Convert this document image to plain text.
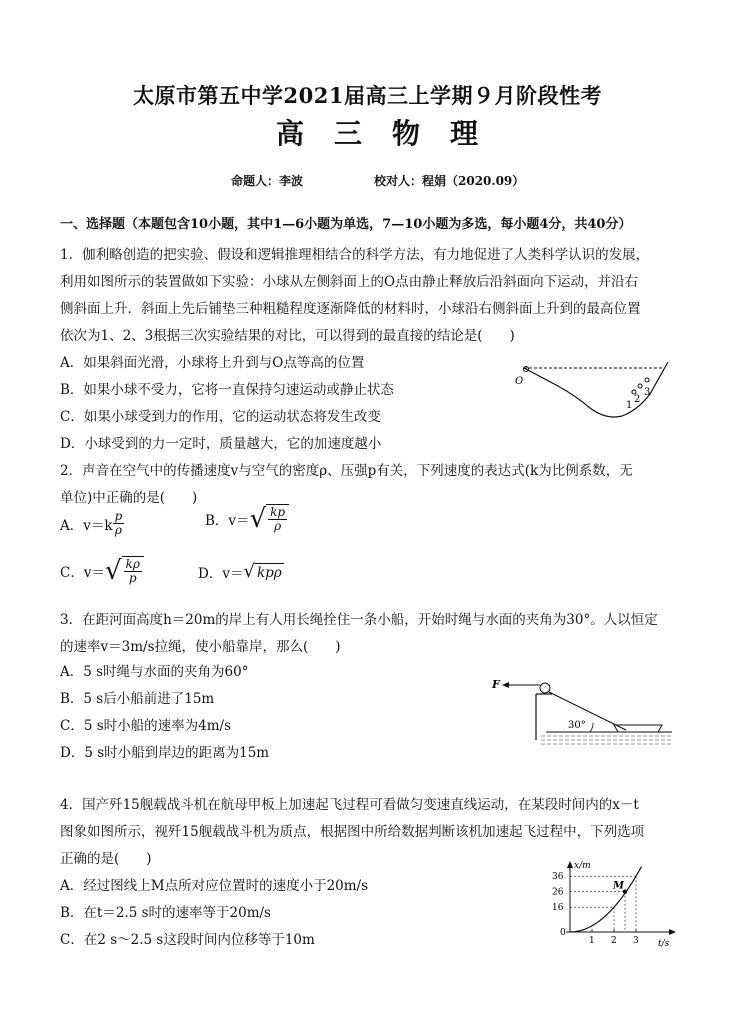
太原市第五中学2021届高三上学期９月阶段性考
高三物理
命题人：李波	校对人：程娟（2020.09）
一、选择题（本题包含10小题，其中1—6小题为单选，7—10小题为多选，每小题4分，共40分）
1．伽利略创造的把实验、假设和逻辑推理相结合的科学方法，有力地促进了人类科学认识的发展，
利用如图所示的装置做如下实验：小球从左侧斜面上的O点由静止释放后沿斜面向下运动，并沿右
侧斜面上升．斜面上先后铺垫三种粗糙程度逐渐降低的材料时，小球沿右侧斜面上升到的最高位置
依次为1、2、3根据三次实验结果的对比，可以得到的最直接的结论是(　　)
A．如果斜面光滑，小球将上升到与O点等高的位置
B．如果小球不受力，它将一直保持匀速运动或静止状态
C．如果小球受到力的作用，它的运动状态将发生改变
D．小球受到的力一定时，质量越大，它的加速度越小
O
1
2
3
2．声音在空气中的传播速度v与空气的密度ρ、压强p有关，下列速度的表达式(k为比例系数，无
单位)中正确的是(　　)
A．$v=k \frac{p}{\rho}$	B．v＝ √ $\frac{kp}{\rho}$
C．v＝ √ $\frac{k\rho}{p}$	D．v＝ √ kpρ
3．在距河面高度h＝20m的岸上有人用长绳拴住一条小船，开始时绳与水面的夹角为30°。人以恒定
的速率v＝3m/s拉绳，使小船靠岸，那么(　　)
A．5 s时绳与水面的夹角为60°
B．5 s后小船前进了15m
C．5 s时小船的速率为4m/s
D．5 s时小船到岸边的距离为15m
F
30°
4．国产歼15舰载战斗机在航母甲板上加速起飞过程可看做匀变速直线运动，在某段时间内的x－t
图象如图所示，视歼15舰载战斗机为质点，根据图中所给数据判断该机加速起飞过程中，下列选项
正确的是(　　)
A．经过图线上M点所对应位置时的速度小于20m/s
B．在t＝2.5 s时的速率等于20m/s
C．在2 s～2.5 s这段时间内位移等于10m
x/m
t/s
0
36
26
16
1 2 3
M
